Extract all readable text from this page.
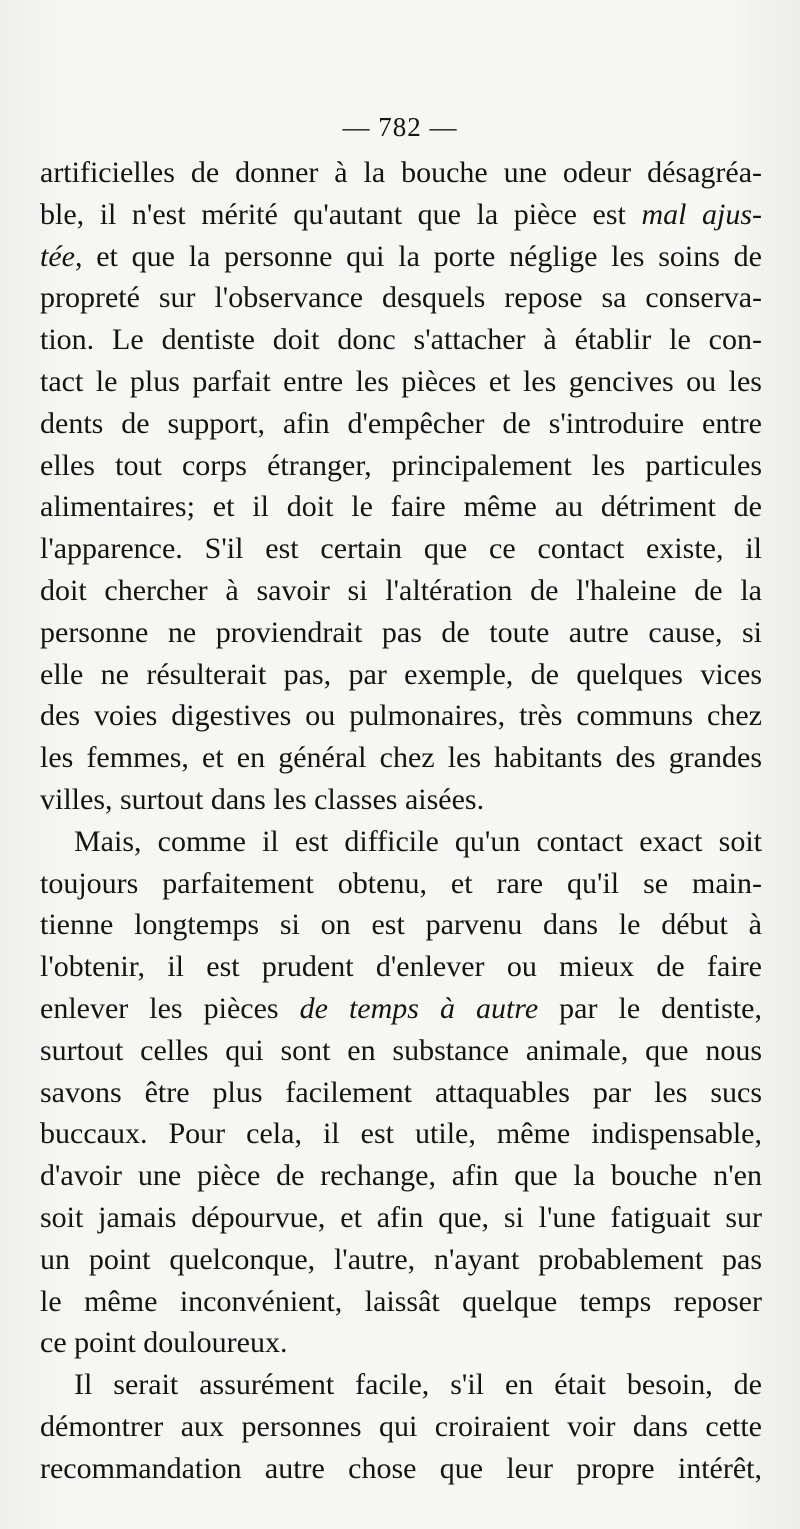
— 782 —
artificielles de donner à la bouche une odeur désagréa-
ble, il n'est mérité qu'autant que la pièce est mal ajus-
tée, et que la personne qui la porte néglige les soins de
propreté sur l'observance desquels repose sa conserva-
tion. Le dentiste doit donc s'attacher à établir le con-
tact le plus parfait entre les pièces et les gencives ou les
dents de support, afin d'empêcher de s'introduire entre
elles tout corps étranger, principalement les particules
alimentaires; et il doit le faire même au détriment de
l'apparence. S'il est certain que ce contact existe, il
doit chercher à savoir si l'altération de l'haleine de la
personne ne proviendrait pas de toute autre cause, si
elle ne résulterait pas, par exemple, de quelques vices
des voies digestives ou pulmonaires, très communs chez
les femmes, et en général chez les habitants des grandes
villes, surtout dans les classes aisées.
Mais, comme il est difficile qu'un contact exact soit
toujours parfaitement obtenu, et rare qu'il se main-
tienne longtemps si on est parvenu dans le début à
l'obtenir, il est prudent d'enlever ou mieux de faire
enlever les pièces de temps à autre par le dentiste,
surtout celles qui sont en substance animale, que nous
savons être plus facilement attaquables par les sucs
buccaux. Pour cela, il est utile, même indispensable,
d'avoir une pièce de rechange, afin que la bouche n'en
soit jamais dépourvue, et afin que, si l'une fatiguait sur
un point quelconque, l'autre, n'ayant probablement pas
le même inconvénient, laissât quelque temps reposer
ce point douloureux.
Il serait assurément facile, s'il en était besoin, de
démontrer aux personnes qui croiraient voir dans cette
recommandation autre chose que leur propre intérêt,
